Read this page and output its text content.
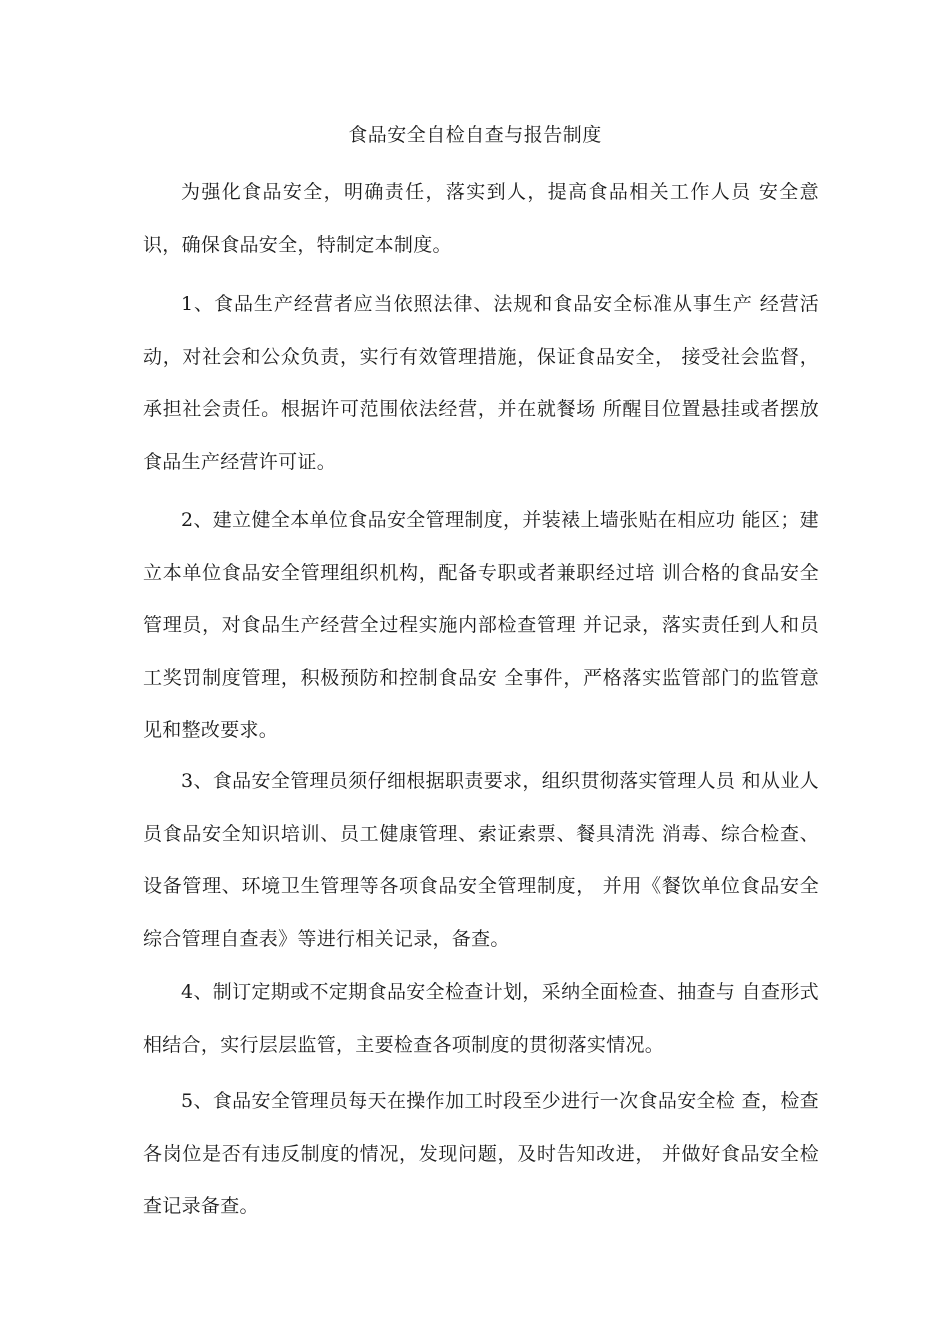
食品安全自检自查与报告制度

为强化食品安全，明确责任，落实到人，提高食品相关工作人员 安全意识，确保食品安全，特制定本制度。

1、食品生产经营者应当依照法律、法规和食品安全标准从事生产 经营活动，对社会和公众负责，实行有效管理措施，保证食品安全， 接受社会监督，承担社会责任。根据许可范围依法经营，并在就餐场 所醒目位置悬挂或者摆放食品生产经营许可证。

2、建立健全本单位食品安全管理制度，并装裱上墙张贴在相应功 能区；建立本单位食品安全管理组织机构，配备专职或者兼职经过培 训合格的食品安全管理员，对食品生产经营全过程实施内部检查管理 并记录，落实责任到人和员工奖罚制度管理，积极预防和控制食品安 全事件，严格落实监管部门的监管意见和整改要求。

3、食品安全管理员须仔细根据职责要求，组织贯彻落实管理人员 和从业人员食品安全知识培训、员工健康管理、索证索票、餐具清洗 消毒、综合检查、设备管理、环境卫生管理等各项食品安全管理制度， 并用《餐饮单位食品安全综合管理自查表》等进行相关记录，备查。

4、制订定期或不定期食品安全检查计划，采纳全面检查、抽查与 自查形式相结合，实行层层监管，主要检查各项制度的贯彻落实情况。

5、食品安全管理员每天在操作加工时段至少进行一次食品安全检 查，检查各岗位是否有违反制度的情况，发现问题，及时告知改进， 并做好食品安全检查记录备查。
